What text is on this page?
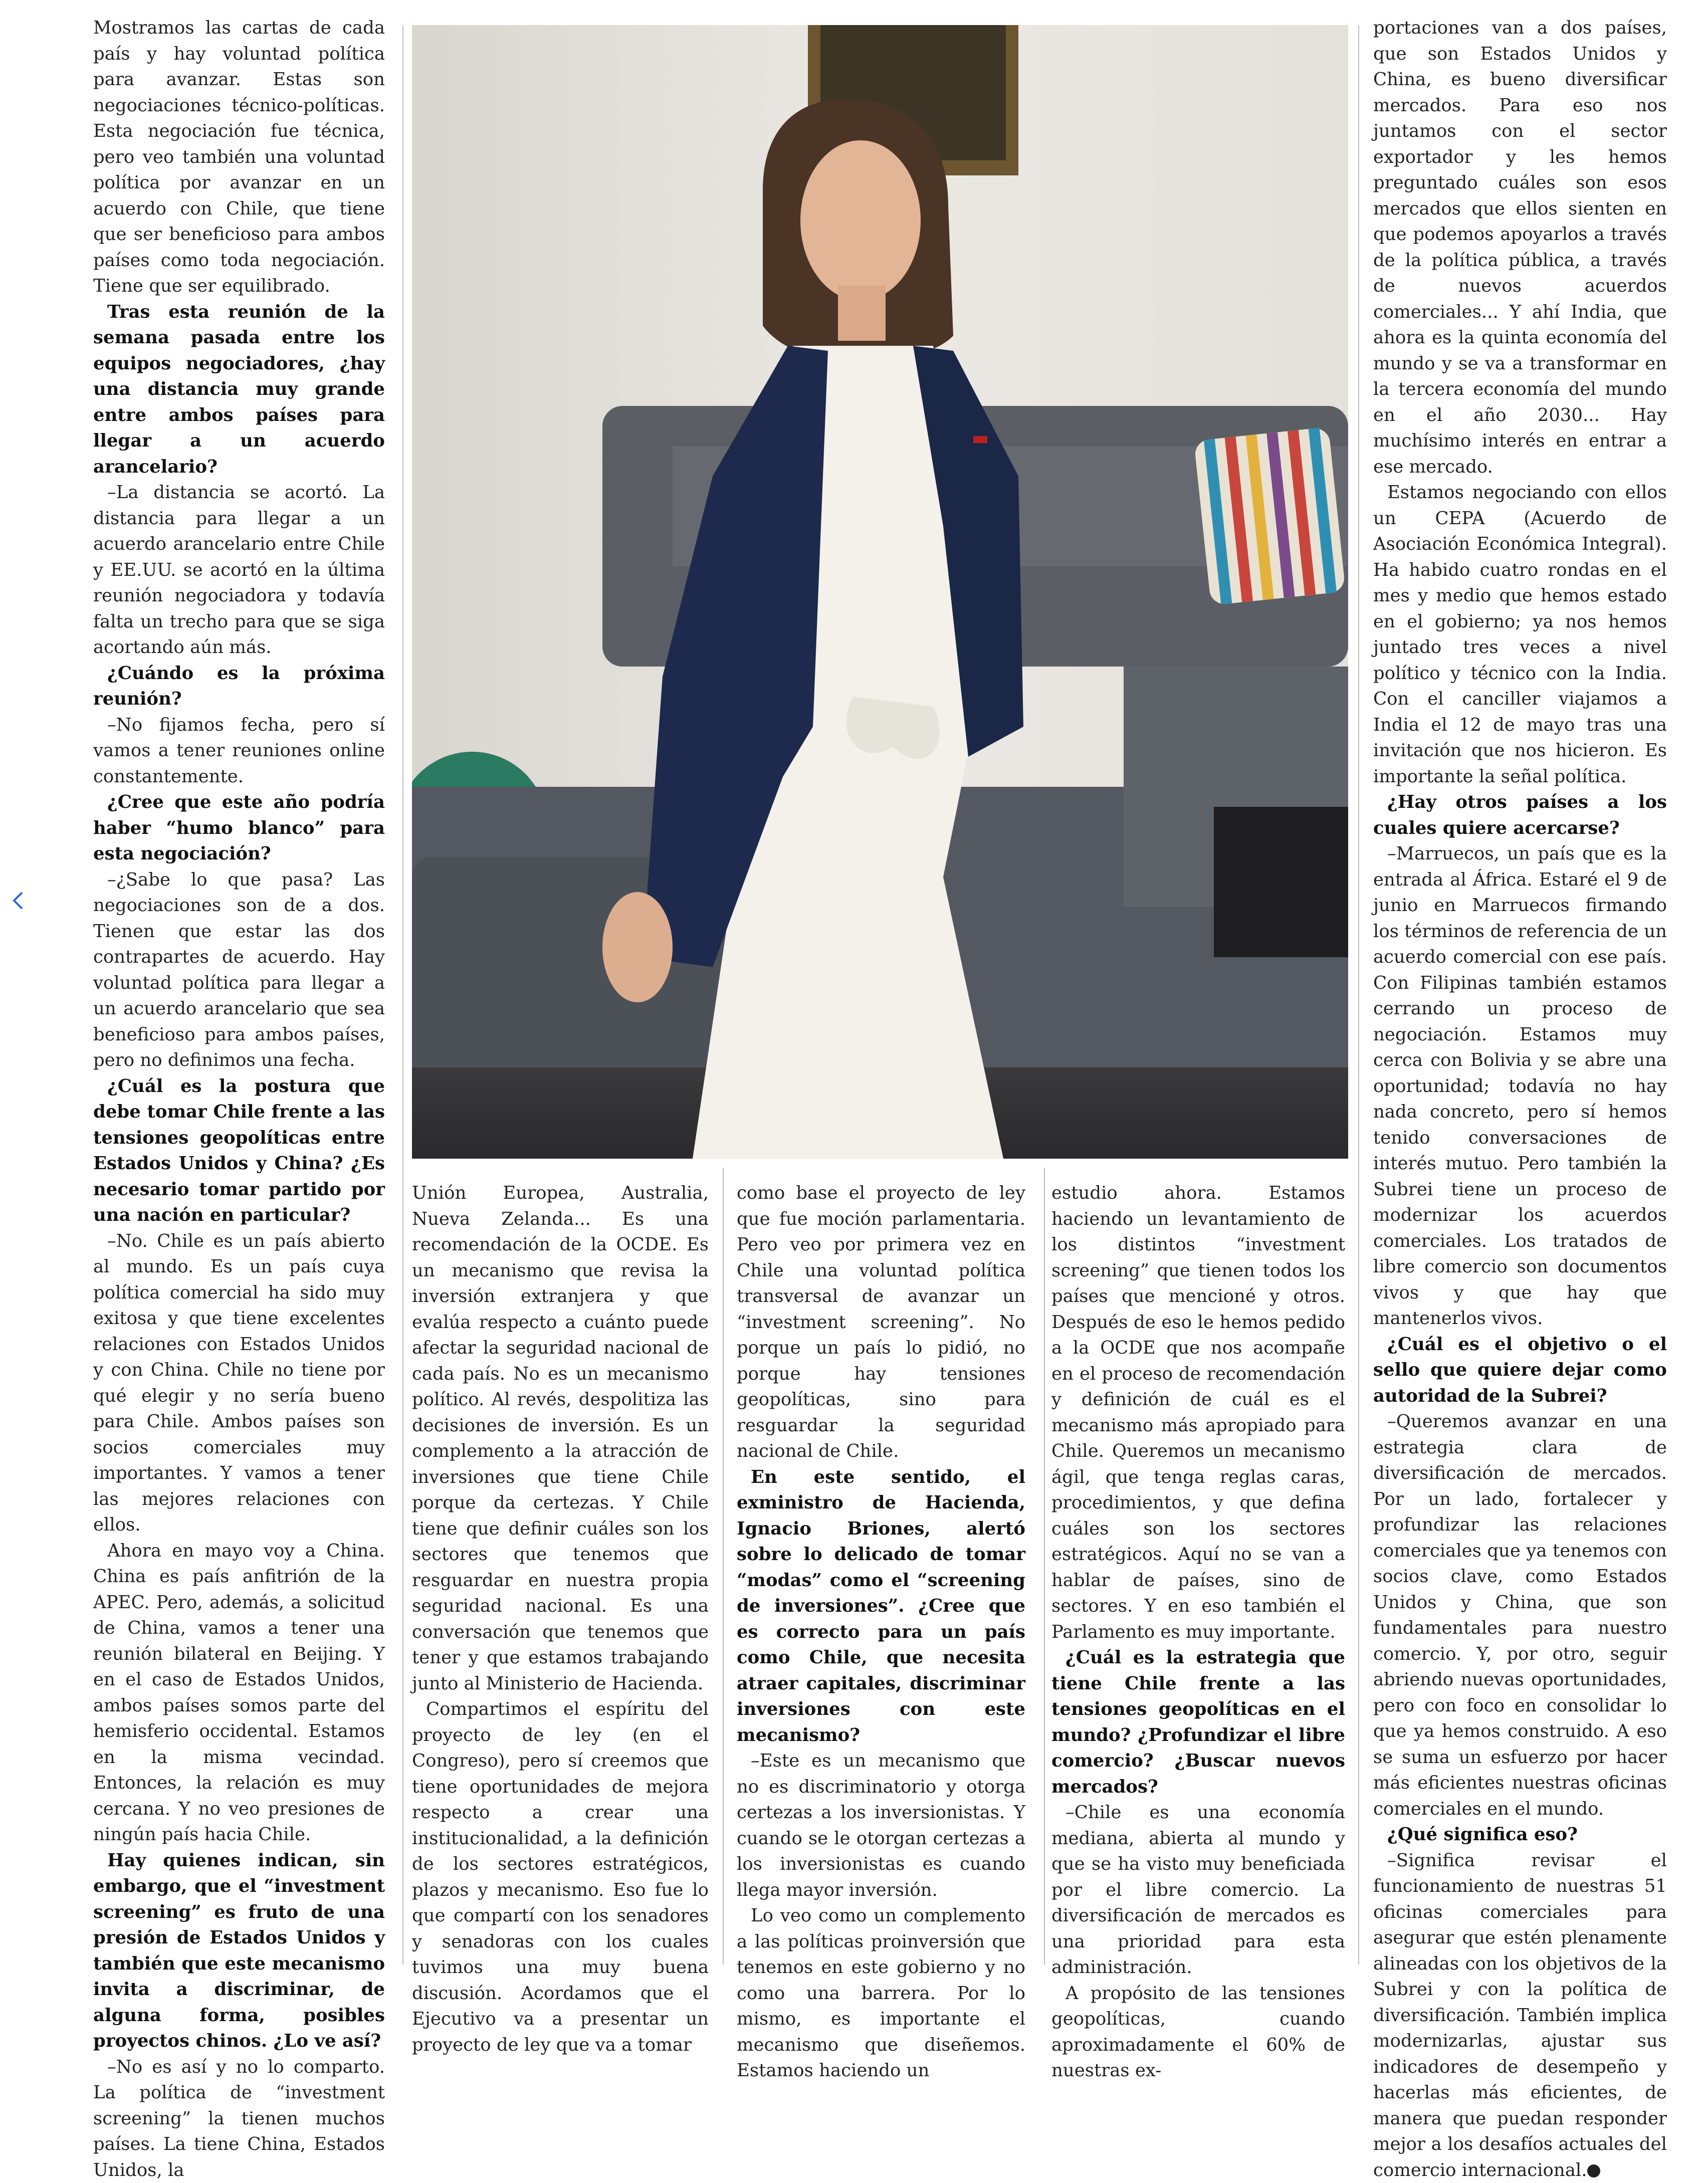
Mostramos las cartas de cada país y hay voluntad política para avanzar. Estas son negociaciones técnico-políticas. Esta negociación fue técnica, pero veo también una voluntad política por avanzar en un acuerdo con Chile, que tiene que ser beneficioso para ambos países como toda negociación. Tiene que ser equilibrado.

Tras esta reunión de la semana pasada entre los equipos negociadores, ¿hay una distancia muy grande entre ambos países para llegar a un acuerdo arancelario?

–La distancia se acortó. La distancia para llegar a un acuerdo arancelario entre Chile y EE.UU. se acortó en la última reunión negociadora y todavía falta un trecho para que se siga acortando aún más.

¿Cuándo es la próxima reunión?

–No fijamos fecha, pero sí vamos a tener reuniones online constantemente.

¿Cree que este año podría haber “humo blanco” para esta negociación?

–¿Sabe lo que pasa? Las negociaciones son de a dos. Tienen que estar las dos contrapartes de acuerdo. Hay voluntad política para llegar a un acuerdo arancelario que sea beneficioso para ambos países, pero no definimos una fecha.

¿Cuál es la postura que debe tomar Chile frente a las tensiones geopolíticas entre Estados Unidos y China? ¿Es necesario tomar partido por una nación en particular?

–No. Chile es un país abierto al mundo. Es un país cuya política comercial ha sido muy exitosa y que tiene excelentes relaciones con Estados Unidos y con China. Chile no tiene por qué elegir y no sería bueno para Chile. Ambos países son socios comerciales muy importantes. Y vamos a tener las mejores relaciones con ellos.

Ahora en mayo voy a China. China es país anfitrión de la APEC. Pero, además, a solicitud de China, vamos a tener una reunión bilateral en Beijing. Y en el caso de Estados Unidos, ambos países somos parte del hemisferio occidental. Estamos en la misma vecindad. Entonces, la relación es muy cercana. Y no veo presiones de ningún país hacia Chile.

Hay quienes indican, sin embargo, que el “investment screening” es fruto de una presión de Estados Unidos y también que este mecanismo invita a discriminar, de alguna forma, posibles proyectos chinos. ¿Lo ve así?

–No es así y no lo comparto. La política de “investment screening” la tienen muchos países. La tiene China, Estados Unidos, la

Unión Europea, Australia, Nueva Zelanda... Es una recomendación de la OCDE. Es un mecanismo que revisa la inversión extranjera y que evalúa respecto a cuánto puede afectar la seguridad nacional de cada país. No es un mecanismo político. Al revés, despolitiza las decisiones de inversión. Es un complemento a la atracción de inversiones que tiene Chile porque da certezas. Y Chile tiene que definir cuáles son los sectores que tenemos que resguardar en nuestra propia seguridad nacional. Es una conversación que tenemos que tener y que estamos trabajando junto al Ministerio de Hacienda.

Compartimos el espíritu del proyecto de ley (en el Congreso), pero sí creemos que tiene oportunidades de mejora respecto a crear una institucionalidad, a la definición de los sectores estratégicos, plazos y mecanismo. Eso fue lo que compartí con los senadores y senadoras con los cuales tuvimos una muy buena discusión. Acordamos que el Ejecutivo va a presentar un proyecto de ley que va a tomar

como base el proyecto de ley que fue moción parlamentaria. Pero veo por primera vez en Chile una voluntad política transversal de avanzar un “investment screening”. No porque un país lo pidió, no porque hay tensiones geopolíticas, sino para resguardar la seguridad nacional de Chile.

En este sentido, el exministro de Hacienda, Ignacio Briones, alertó sobre lo delicado de tomar “modas” como el “screening de inversiones”. ¿Cree que es correcto para un país como Chile, que necesita atraer capitales, discriminar inversiones con este mecanismo?

–Este es un mecanismo que no es discriminatorio y otorga certezas a los inversionistas. Y cuando se le otorgan certezas a los inversionistas es cuando llega mayor inversión.

Lo veo como un complemento a las políticas proinversión que tenemos en este gobierno y no como una barrera. Por lo mismo, es importante el mecanismo que diseñemos. Estamos haciendo un

estudio ahora. Estamos haciendo un levantamiento de los distintos “investment screening” que tienen todos los países que mencioné y otros. Después de eso le hemos pedido a la OCDE que nos acompañe en el proceso de recomendación y definición de cuál es el mecanismo más apropiado para Chile. Queremos un mecanismo ágil, que tenga reglas caras, procedimientos, y que defina cuáles son los sectores estratégicos. Aquí no se van a hablar de países, sino de sectores. Y en eso también el Parlamento es muy importante.

¿Cuál es la estrategia que tiene Chile frente a las tensiones geopolíticas en el mundo? ¿Profundizar el libre comercio? ¿Buscar nuevos mercados?

–Chile es una economía mediana, abierta al mundo y que se ha visto muy beneficiada por el libre comercio. La diversificación de mercados es una prioridad para esta administración.

A propósito de las tensiones geopolíticas, cuando aproximadamente el 60% de nuestras ex-

portaciones van a dos países, que son Estados Unidos y China, es bueno diversificar mercados. Para eso nos juntamos con el sector exportador y les hemos preguntado cuáles son esos mercados que ellos sienten en que podemos apoyarlos a través de la política pública, a través de nuevos acuerdos comerciales... Y ahí India, que ahora es la quinta economía del mundo y se va a transformar en la tercera economía del mundo en el año 2030... Hay muchísimo interés en entrar a ese mercado.

Estamos negociando con ellos un CEPA (Acuerdo de Asociación Económica Integral). Ha habido cuatro rondas en el mes y medio que hemos estado en el gobierno; ya nos hemos juntado tres veces a nivel político y técnico con la India. Con el canciller viajamos a India el 12 de mayo tras una invitación que nos hicieron. Es importante la señal política.

¿Hay otros países a los cuales quiere acercarse?

–Marruecos, un país que es la entrada al África. Estaré el 9 de junio en Marruecos firmando los términos de referencia de un acuerdo comercial con ese país. Con Filipinas también estamos cerrando un proceso de negociación. Estamos muy cerca con Bolivia y se abre una oportunidad; todavía no hay nada concreto, pero sí hemos tenido conversaciones de interés mutuo. Pero también la Subrei tiene un proceso de modernizar los acuerdos comerciales. Los tratados de libre comercio son documentos vivos y que hay que mantenerlos vivos.

¿Cuál es el objetivo o el sello que quiere dejar como autoridad de la Subrei?

–Queremos avanzar en una estrategia clara de diversificación de mercados. Por un lado, fortalecer y profundizar las relaciones comerciales que ya tenemos con socios clave, como Estados Unidos y China, que son fundamentales para nuestro comercio. Y, por otro, seguir abriendo nuevas oportunidades, pero con foco en consolidar lo que ya hemos construido. A eso se suma un esfuerzo por hacer más eficientes nuestras oficinas comerciales en el mundo.

¿Qué significa eso?

–Significa revisar el funcionamiento de nuestras 51 oficinas comerciales para asegurar que estén plenamente alineadas con los objetivos de la Subrei y con la política de diversificación. También implica modernizarlas, ajustar sus indicadores de desempeño y hacerlas más eficientes, de manera que puedan responder mejor a los desafíos actuales del comercio internacional. P
